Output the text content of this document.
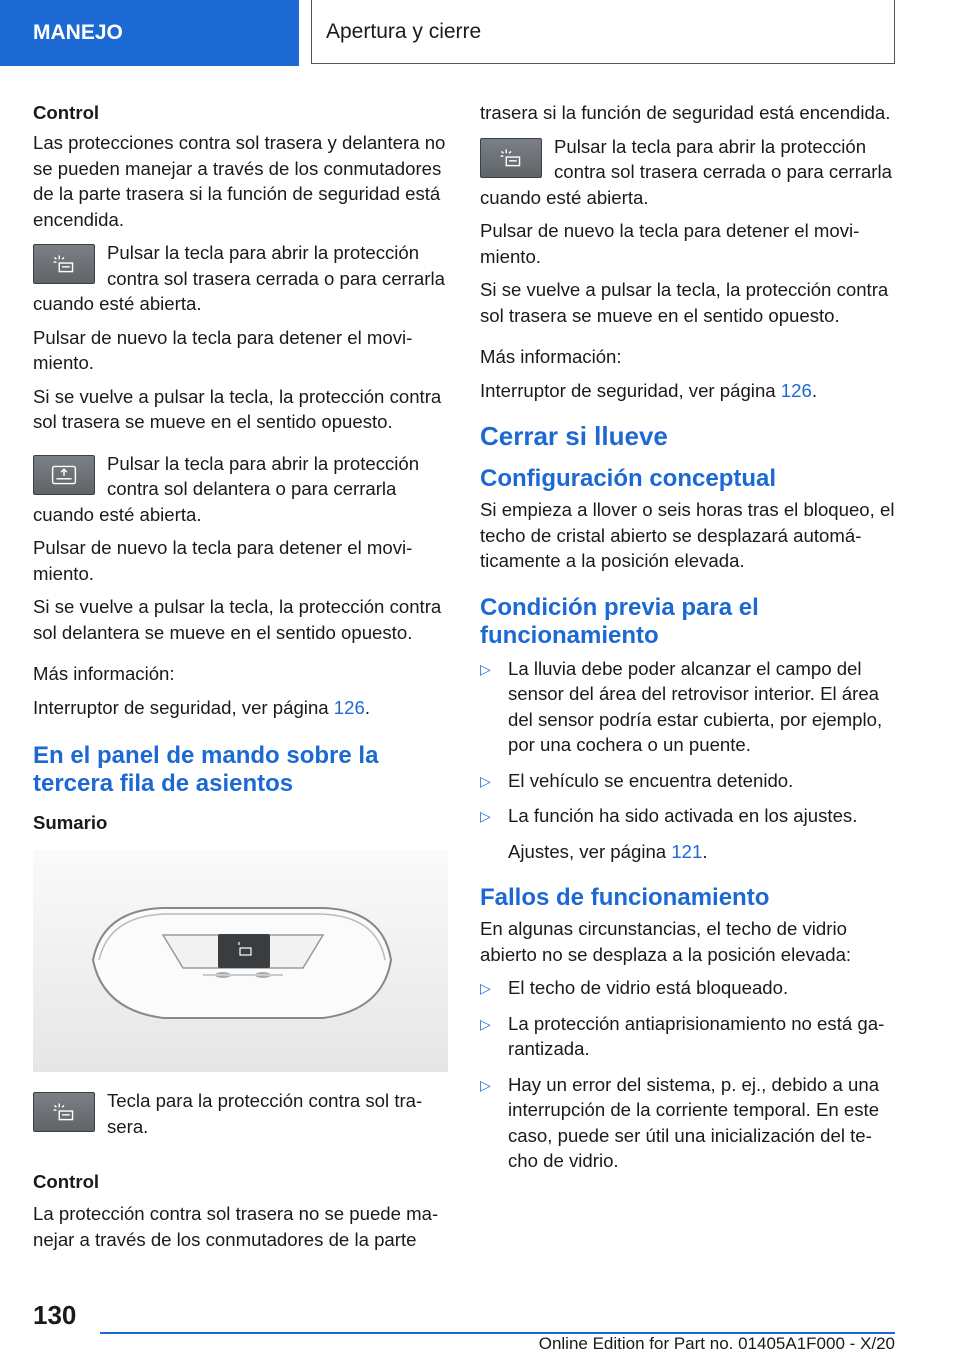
MANEJO	Apertura y cierre
Control

Las protecciones contra sol trasera y delantera no se pueden manejar a través de los conmutadores de la parte trasera si la función de seguridad está encendida.

Pulsar la tecla para abrir la protección contra sol trasera cerrada o para cerrarla
cuando esté abierta.

Pulsar de nuevo la tecla para detener el movimiento.

Si se vuelve a pulsar la tecla, la protección contra sol trasera se mueve en el sentido opuesto.

Pulsar la tecla para abrir la protección contra sol delantera o para cerrarla
cuando esté abierta.

Pulsar de nuevo la tecla para detener el movimiento.

Si se vuelve a pulsar la tecla, la protección contra sol delantera se mueve en el sentido opuesto.

Más información:

Interruptor de seguridad, ver página 126.

En el panel de mando sobre la tercera fila de asientos
Sumario
Tecla para la protección contra sol trasera.
Control

La protección contra sol trasera no se puede manejar a través de los conmutadores de la parte

trasera si la función de seguridad está encendida.

Pulsar la tecla para abrir la protección contra sol trasera cerrada o para cerrarla
cuando esté abierta.

Pulsar de nuevo la tecla para detener el movimiento.

Si se vuelve a pulsar la tecla, la protección contra sol trasera se mueve en el sentido opuesto.

Más información:

Interruptor de seguridad, ver página 126.

Cerrar si llueve
Configuración conceptual

Si empieza a llover o seis horas tras el bloqueo, el techo de cristal abierto se desplazará automáticamente a la posición elevada.

Condición previa para el funcionamiento
▷ La lluvia debe poder alcanzar el campo del sensor del área del retrovisor interior. El área del sensor podría estar cubierta, por ejemplo, por una cochera o un puente.
▷ El vehículo se encuentra detenido.
▷ La función ha sido activada en los ajustes.

Ajustes, ver página 121.

Fallos de funcionamiento

En algunas circunstancias, el techo de vidrio abierto no se desplaza a la posición elevada:

▷ El techo de vidrio está bloqueado.
▷ La protección antiaprisionamiento no está garantizada.
▷ Hay un error del sistema, p. ej., debido a una interrupción de la corriente temporal. En este caso, puede ser útil una inicialización del techo de vidrio.
130
Online Edition for Part no. 01405A1F000 - X/20
